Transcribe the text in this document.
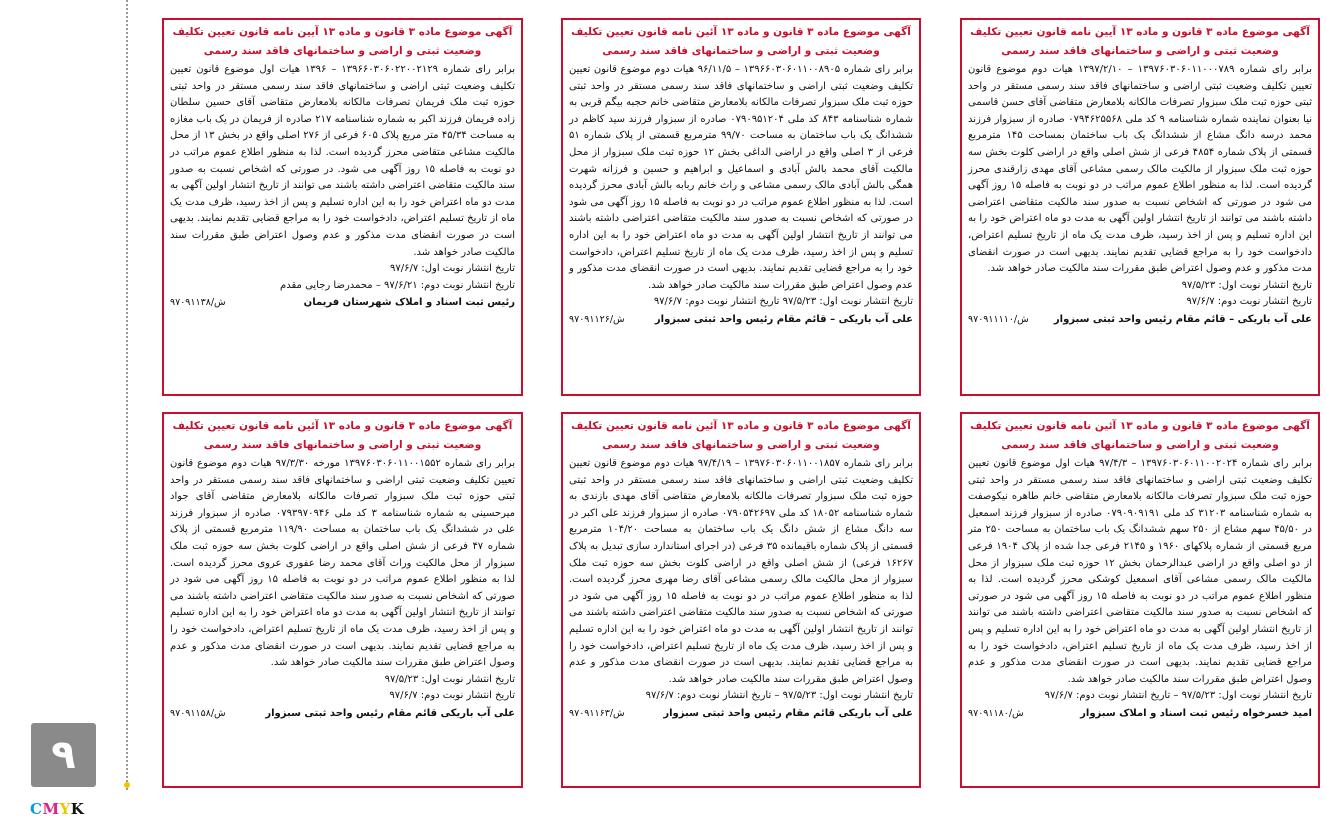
۹
CMYK
آگهی موضوع ماده ۳ قانون و ماده ۱۳ آیین نامه قانون تعیین تکلیف
وضعیت ثبتی و اراضی و ساختمانهای فاقد سند رسمی
برابر رای شماره ۱۳۹۷۶۰۳۰۶۰۱۱۰۰۰۷۸۹ – ۱۳۹۷/۲/۱۰ هیات دوم موضوع قانون تعیین تکلیف وضعیت ثبتی اراضی و ساختمانهای فاقد سند رسمی مستقر در واحد ثبتی حوزه ثبت ملک سبزوار تصرفات مالکانه بلامعارض متقاضی آقای حسن قاسمی نیا بعنوان نماینده شماره شناسنامه ۹ کد ملی ۰۷۹۴۶۲۵۵۶۸ صادره از سبزوار فرزند محمد درسه دانگ مشاع از ششدانگ یک باب ساختمان بمساحت ۱۴۵ مترمربع قسمتی از پلاک شماره ۴۸۵۴ فرعی از شش اصلی واقع در اراضی کلوت بخش سه حوزه ثبت ملک سبزوار از مالکیت مالک رسمی مشاعی آقای مهدی زارقندی محرز گردیده است. لذا به منظور اطلاع عموم مراتب در دو نوبت به فاصله ۱۵ روز آگهی می شود در صورتی که اشخاص نسبت به صدور سند مالکیت متقاضی اعتراضی داشته باشند می توانند از تاریخ انتشار اولین آگهی به مدت دو ماه اعتراض خود را به این اداره تسلیم و پس از اخذ رسید، ظرف مدت یک ماه از تاریخ تسلیم اعتراض، دادخواست خود را به مراجع قضایی تقدیم نمایند. بدیهی است در صورت انقضای مدت مذکور و عدم وصول اعتراض طبق مقررات سند مالکیت صادر خواهد شد.
تاریخ انتشار نوبت اول: ۹۷/۵/۲۳
تاریخ انتشار نوبت دوم: ۹۷/۶/۷
علی آب باریکی – قائم مقام رئیس واحد ثبتی سبزوار
۹۷۰۹۱۱۱۱۰/ش
آگهی موضوع ماده ۳ قانون و ماده ۱۳ آئین نامه قانون تعیین تکلیف
وضعیت ثبتی و اراضی و ساختمانهای فاقد سند رسمی
برابر رای شماره ۱۳۹۶۶۰۳۰۶۰۱۱۰۰۸۹۰۵ – ۹۶/۱۱/۵ هیات دوم موضوع قانون تعیین تکلیف وضعیت ثبتی اراضی و ساختمانهای فاقد سند رسمی مستقر در واحد ثبتی حوزه ثبت ملک سبزوار تصرفات مالکانه بلامعارض متقاضی خانم حجبه بیگم قربی به شماره شناسنامه ۸۴۳ کد ملی ۰۷۹۰۹۵۱۲۰۴ صادره از سبزوار فرزند سید کاظم در ششدانگ یک باب ساختمان به مساحت ۹۹/۷۰ مترمربع قسمتی از پلاک شماره ۵۱ فرعی از ۳ اصلی واقع در اراضی الداغی بخش ۱۲ حوزه ثبت ملک سبزوار از محل مالکیت آقای محمد بالش آبادی و اسماعیل و ابراهیم و حسین و فرزانه شهرت همگی بالش آبادی مالک رسمی مشاعی و راث خانم ربابه بالش آبادی محرز گردیده است. لذا به منظور اطلاع عموم مراتب در دو نوبت به فاصله ۱۵ روز آگهی می شود در صورتی که اشخاص نسبت به صدور سند مالکیت متقاضی اعتراضی داشته باشند می توانند از تاریخ انتشار اولین آگهی به مدت دو ماه اعتراض خود را به این اداره تسلیم و پس از اخذ رسید، ظرف مدت یک ماه از تاریخ تسلیم اعتراض، دادخواست خود را به مراجع قضایی تقدیم نمایند. بدیهی است در صورت انقضای مدت مذکور و عدم وصول اعتراض طبق مقررات سند مالکیت صادر خواهد شد.
تاریخ انتشار نوبت اول: ۹۷/۵/۲۳ تاریخ انتشار نوبت دوم: ۹۷/۶/۷
علی آب باریکی – قائم مقام رئیس واحد ثبتی سبزوار
۹۷۰۹۱۱۲۶/ش
آگهی موضوع ماده ۳ قانون و ماده ۱۳ آیین نامه قانون تعیین تکلیف
وضعیت ثبتی و اراضی و ساختمانهای فاقد سند رسمی
برابر رای شماره ۱۳۹۶۶۰۳۰۶۰۲۲۰۰۲۱۲۹ – ۱۳۹۶ هیات اول موضوع قانون تعیین تکلیف وضعیت ثبتی اراضی و ساختمانهای فاقد سند رسمی مستقر در واحد ثبتی حوزه ثبت ملک فریمان تصرفات مالکانه بلامعارض متقاضی آقای حسین سلطان زاده فریمان فرزند اکبر به شماره شناسنامه ۲۱۷ صادره از فریمان در یک باب مغازه به مساحت ۴۵/۳۴ متر مربع پلاک ۶۰۵ فرعی از ۲۷۶ اصلی واقع در بخش ۱۳ از محل مالکیت مشاعی متقاضی محرز گردیده است. لذا به منظور اطلاع عموم مراتب در دو نوبت به فاصله ۱۵ روز آگهی می شود. در صورتی که اشخاص نسبت به صدور سند مالکیت متقاضی اعتراضی داشته باشند می توانند از تاریخ انتشار اولین آگهی به مدت دو ماه اعتراض خود را به این اداره تسلیم و پس از اخذ رسید، ظرف مدت یک ماه از تاریخ تسلیم اعتراض، دادخواست خود را به مراجع قضایی تقدیم نمایند. بدیهی است در صورت انقضای مدت مذکور و عدم وصول اعتراض طبق مقررات سند مالکیت صادر خواهد شد.
تاریخ انتشار نوبت اول: ۹۷/۶/۷
تاریخ انتشار نوبت دوم: ۹۷/۶/۲۱ – محمدرضا رجایی مقدم
رئیس ثبت اسناد و املاک شهرستان فریمان
۹۷۰۹۱۱۳۸/ش
آگهی موضوع ماده ۳ قانون و ماده ۱۳ آئین نامه قانون تعیین تکلیف
وضعیت ثبتی و اراضی و ساختمانهای فاقد سند رسمی
برابر رای شماره ۱۳۹۷۶۰۳۰۶۰۱۱۰۰۲۰۲۴ – ۹۷/۴/۳ هیات اول موضوع قانون تعیین تکلیف وضعیت ثبتی اراضی و ساختمانهای فاقد سند رسمی مستقر در واحد ثبتی حوزه ثبت ملک سبزوار تصرفات مالکانه بلامعارض متقاضی خانم طاهره نیکوصفت به شماره شناسنامه ۳۱۲۰۳ کد ملی ۰۷۹۰۹۰۹۱۹۱ صادره از سبزوار فرزند اسمعیل در ۴۵/۵۰ سهم مشاع از ۲۵۰ سهم ششدانگ یک باب ساختمان به مساحت ۲۵۰ متر مربع قسمتی از شماره پلاکهای ۱۹۶۰ و ۲۱۴۵ فرعی جدا شده از پلاک ۱۹۰۴ فرعی از دو اصلی واقع در اراضی عبدالرحمان بخش ۱۲ حوزه ثبت ملک سبزوار از محل مالکیت مالک رسمی مشاعی آقای اسمعیل کوشکی محرز گردیده است. لذا به منظور اطلاع عموم مراتب در دو نوبت به فاصله ۱۵ روز آگهی می شود در صورتی که اشخاص نسبت به صدور سند مالکیت متقاضی اعتراضی داشته باشند می توانند از تاریخ انتشار اولین آگهی به مدت دو ماه اعتراض خود را به این اداره تسلیم و پس از اخذ رسید، ظرف مدت یک ماه از تاریخ تسلیم اعتراض، دادخواست خود را به مراجع قضایی تقدیم نمایند. بدیهی است در صورت انقضای مدت مذکور و عدم وصول اعتراض طبق مقررات سند مالکیت صادر خواهد شد.
تاریخ انتشار نوبت اول: ۹۷/۵/۲۳ – تاریخ انتشار نوبت دوم: ۹۷/۶/۷
امید خسرخواه رئیس ثبت اسناد و املاک سبزوار
۹۷۰۹۱۱۸۰/ش
آگهی موضوع ماده ۳ قانون و ماده ۱۳ آئین نامه قانون تعیین تکلیف
وضعیت ثبتی و اراضی و ساختمانهای فاقد سند رسمی
برابر رای شماره ۱۳۹۷۶۰۳۰۶۰۱۱۰۰۱۸۵۷ – ۹۷/۴/۱۹ هیات دوم موضوع قانون تعیین تکلیف وضعیت ثبتی اراضی و ساختمانهای فاقد سند رسمی مستقر در واحد ثبتی حوزه ثبت ملک سبزوار تصرفات مالکانه بلامعارض متقاضی آقای مهدی بازندی به شماره شناسنامه ۱۸۰۵۲ کد ملی ۰۷۹۰۵۴۲۶۹۷ صادره از سبزوار فرزند علی اکبر در سه دانگ مشاع از شش دانگ یک باب ساختمان به مساحت ۱۰۴/۲۰ مترمربع قسمتی از پلاک شماره باقیمانده ۳۵ فرعی (در اجرای استاندارد سازی تبدیل به پلاک ۱۶۲۶۷ فرعی) از شش اصلی واقع در اراضی کلوت بخش سه حوزه ثبت ملک سبزوار از محل مالکیت مالک رسمی مشاعی آقای رضا مهری محرز گردیده است. لذا به منظور اطلاع عموم مراتب در دو نوبت به فاصله ۱۵ روز آگهی می شود در صورتی که اشخاص نسبت به صدور سند مالکیت متقاضی اعتراضی داشته باشند می توانند از تاریخ انتشار اولین آگهی به مدت دو ماه اعتراض خود را به این اداره تسلیم و پس از اخذ رسید، ظرف مدت یک ماه از تاریخ تسلیم اعتراض، دادخواست خود را به مراجع قضایی تقدیم نمایند. بدیهی است در صورت انقضای مدت مذکور و عدم وصول اعتراض طبق مقررات سند مالکیت صادر خواهد شد.
تاریخ انتشار نوبت اول: ۹۷/۵/۲۳ – تاریخ انتشار نوبت دوم: ۹۷/۶/۷
علی آب باریکی قائم مقام رئیس واحد ثبتی سبزوار
۹۷۰۹۱۱۶۳/ش
آگهی موضوع ماده ۳ قانون و ماده ۱۳ آئین نامه قانون تعیین تکلیف
وضعیت ثبتی و اراضی و ساختمانهای فاقد سند رسمی
برابر رای شماره ۱۳۹۷۶۰۳۰۶۰۱۱۰۰۱۵۵۲ مورخه ۹۷/۳/۳۰ هیات دوم موضوع قانون تعیین تکلیف وضعیت ثبتی اراضی و ساختمانهای فاقد سند رسمی مستقر در واحد ثبتی حوزه ثبت ملک سبزوار تصرفات مالکانه بلامعارض متقاضی آقای جواد میرحسینی به شماره شناسنامه ۳ کد ملی ۰۷۹۳۹۷۰۹۴۶ صادره از سبزوار فرزند علی در ششدانگ یک باب ساختمان به مساحت ۱۱۹/۹۰ مترمربع قسمتی از پلاک شماره ۴۷ فرعی از شش اصلی واقع در اراضی کلوت بخش سه حوزه ثبت ملک سبزوار از محل مالکیت وراث آقای محمد رضا عفوری عروی محرز گردیده است. لذا به منظور اطلاع عموم مراتب در دو نوبت به فاصله ۱۵ روز آگهی می شود در صورتی که اشخاص نسبت به صدور سند مالکیت متقاضی اعتراضی داشته باشند می توانند از تاریخ انتشار اولین آگهی به مدت دو ماه اعتراض خود را به این اداره تسلیم و پس از اخذ رسید، ظرف مدت یک ماه از تاریخ تسلیم اعتراض، دادخواست خود را به مراجع قضایی تقدیم نمایند. بدیهی است در صورت انقضای مدت مذکور و عدم وصول اعتراض طبق مقررات سند مالکیت صادر خواهد شد.
تاریخ انتشار نوبت اول: ۹۷/۵/۲۳
تاریخ انتشار نوبت دوم: ۹۷/۶/۷
علی آب باریکی قائم مقام رئیس واحد ثبتی سبزوار
۹۷۰۹۱۱۵۸/ش
